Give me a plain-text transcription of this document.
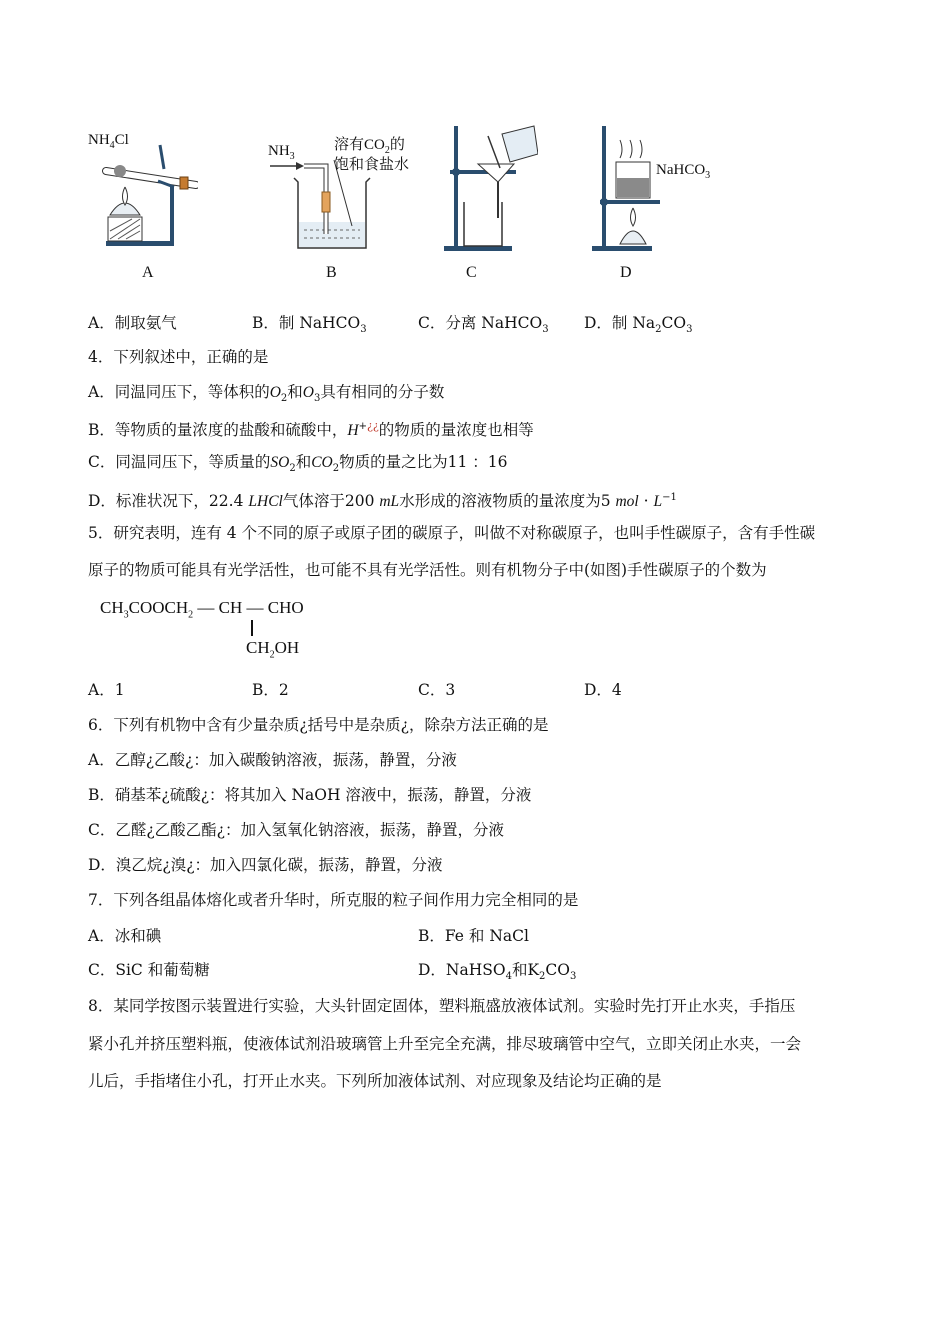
$NH_4Cl$
A
$NH_3$
溶有$CO_2$的
饱和食盐水
B	C
NaHCO$_3$
D
A．制取氨气	B．制 NaHCO$_3$	C．分离 NaHCO$_3$ D．制 $Na_2CO_3$
4．下列叙述中，正确的是
A．同温同压下，等体积的$O_2$和$O_3$具有相同的分子数
B．等物质的量浓度的盐酸和硫酸中，H+¿¿的物质的量浓度也相等
C．同温同压下，等质量的$SO_2$和$CO_2$物质的量之比为11 ：16
D．标准状况下，22.4 LHCl气体溶于200 mL水形成的溶液物质的量浓度为5 mol · $L^{-1}$
5．研究表明，连有 4 个不同的原子或原子团的碳原子，叫做不对称碳原子，也叫手性碳原子，含有手性碳
原子的物质可能具有光学活性，也可能不具有光学活性。则有机物分子中(如图)手性碳原子的个数为
$CH_3COOCH_2$ — CH — CHO
$CH_2OH$
A．1	B．2	C．3	D．4
6．下列有机物中含有少量杂质¿括号中是杂质¿，除杂方法正确的是
A．乙醇¿乙酸¿：加入碳酸钠溶液，振荡，静置，分液
B．硝基苯¿硫酸¿：将其加入 NaOH 溶液中，振荡，静置，分液
C．乙醛¿乙酸乙酯¿：加入氢氧化钠溶液，振荡，静置，分液
D．溴乙烷¿溴¿：加入四氯化碳，振荡，静置，分液
7．下列各组晶体熔化或者升华时，所克服的粒子间作用力完全相同的是
A．冰和碘	B．Fe 和 NaCl
C．SiC 和葡萄糖	D．NaHSO$_4$和$K_2CO_3$
8．某同学按图示装置进行实验，大头针固定固体，塑料瓶盛放液体试剂。实验时先打开止水夹，手指压
紧小孔并挤压塑料瓶，使液体试剂沿玻璃管上升至完全充满，排尽玻璃管中空气，立即关闭止水夹，一会
儿后，手指堵住小孔，打开止水夹。下列所加液体试剂、对应现象及结论均正确的是
